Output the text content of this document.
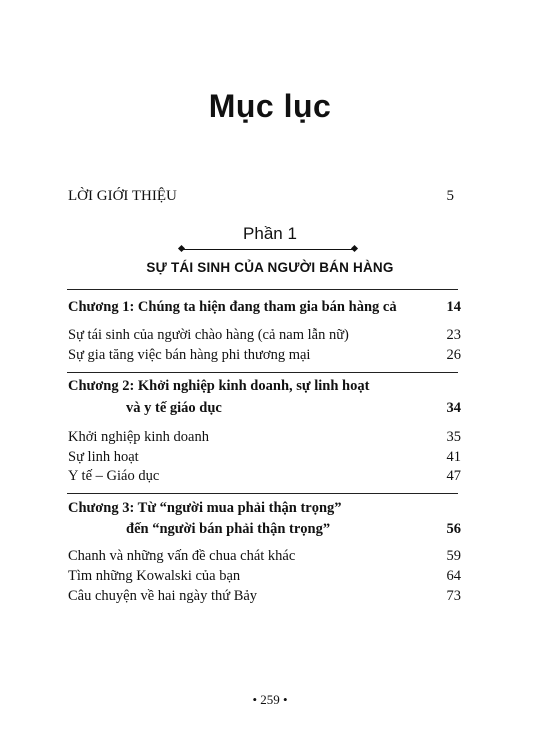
Mục lục
LỜI GIỚI THIỆU	5
Phần 1
SỰ TÁI SINH CỦA NGƯỜI BÁN HÀNG
Chương 1: Chúng ta hiện đang tham gia bán hàng cả	14
Sự tái sinh của người chào hàng (cả nam lẫn nữ)	23
Sự gia tăng việc bán hàng phi thương mại	26
Chương 2: Khởi nghiệp kinh doanh, sự linh hoạt
và y tế giáo dục	34
Khởi nghiệp kinh doanh	35
Sự linh hoạt	41
Y tế – Giáo dục	47
Chương 3: Từ “người mua phải thận trọng”
đến “người bán phải thận trọng”	56
Chanh và những vấn đề chua chát khác	59
Tìm những Kowalski của bạn	64
Câu chuyện về hai ngày thứ Bảy	73
• 259 •
